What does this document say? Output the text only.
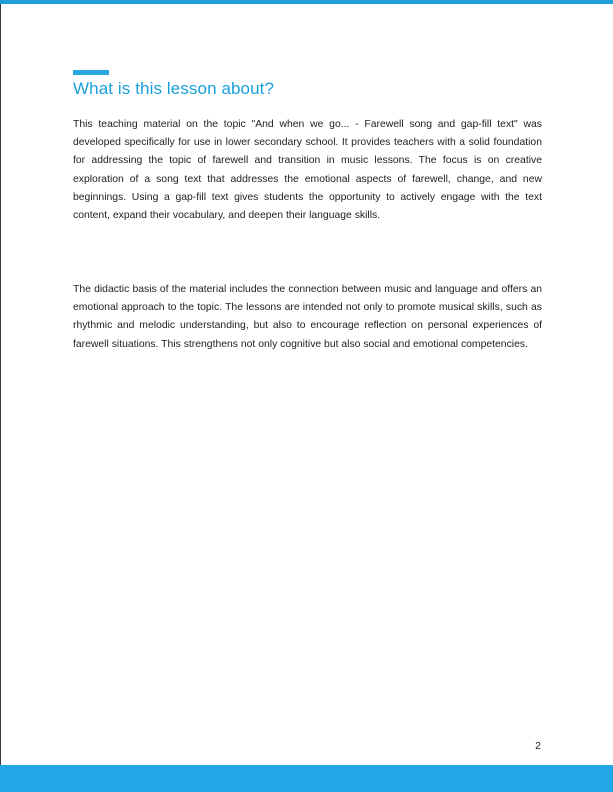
What is this lesson about?

This teaching material on the topic "And when we go... - Farewell song and gap-fill text" was developed specifically for use in lower secondary school. It provides teachers with a solid foundation for addressing the topic of farewell and transition in music lessons. The focus is on creative exploration of a song text that addresses the emotional aspects of farewell, change, and new beginnings. Using a gap-fill text gives students the opportunity to actively engage with the text content, expand their vocabulary, and deepen their language skills.

The didactic basis of the material includes the connection between music and language and offers an emotional approach to the topic. The lessons are intended not only to promote musical skills, such as rhythmic and melodic understanding, but also to encourage reflection on personal experiences of farewell situations. This strengthens not only cognitive but also social and emotional competencies.

2
